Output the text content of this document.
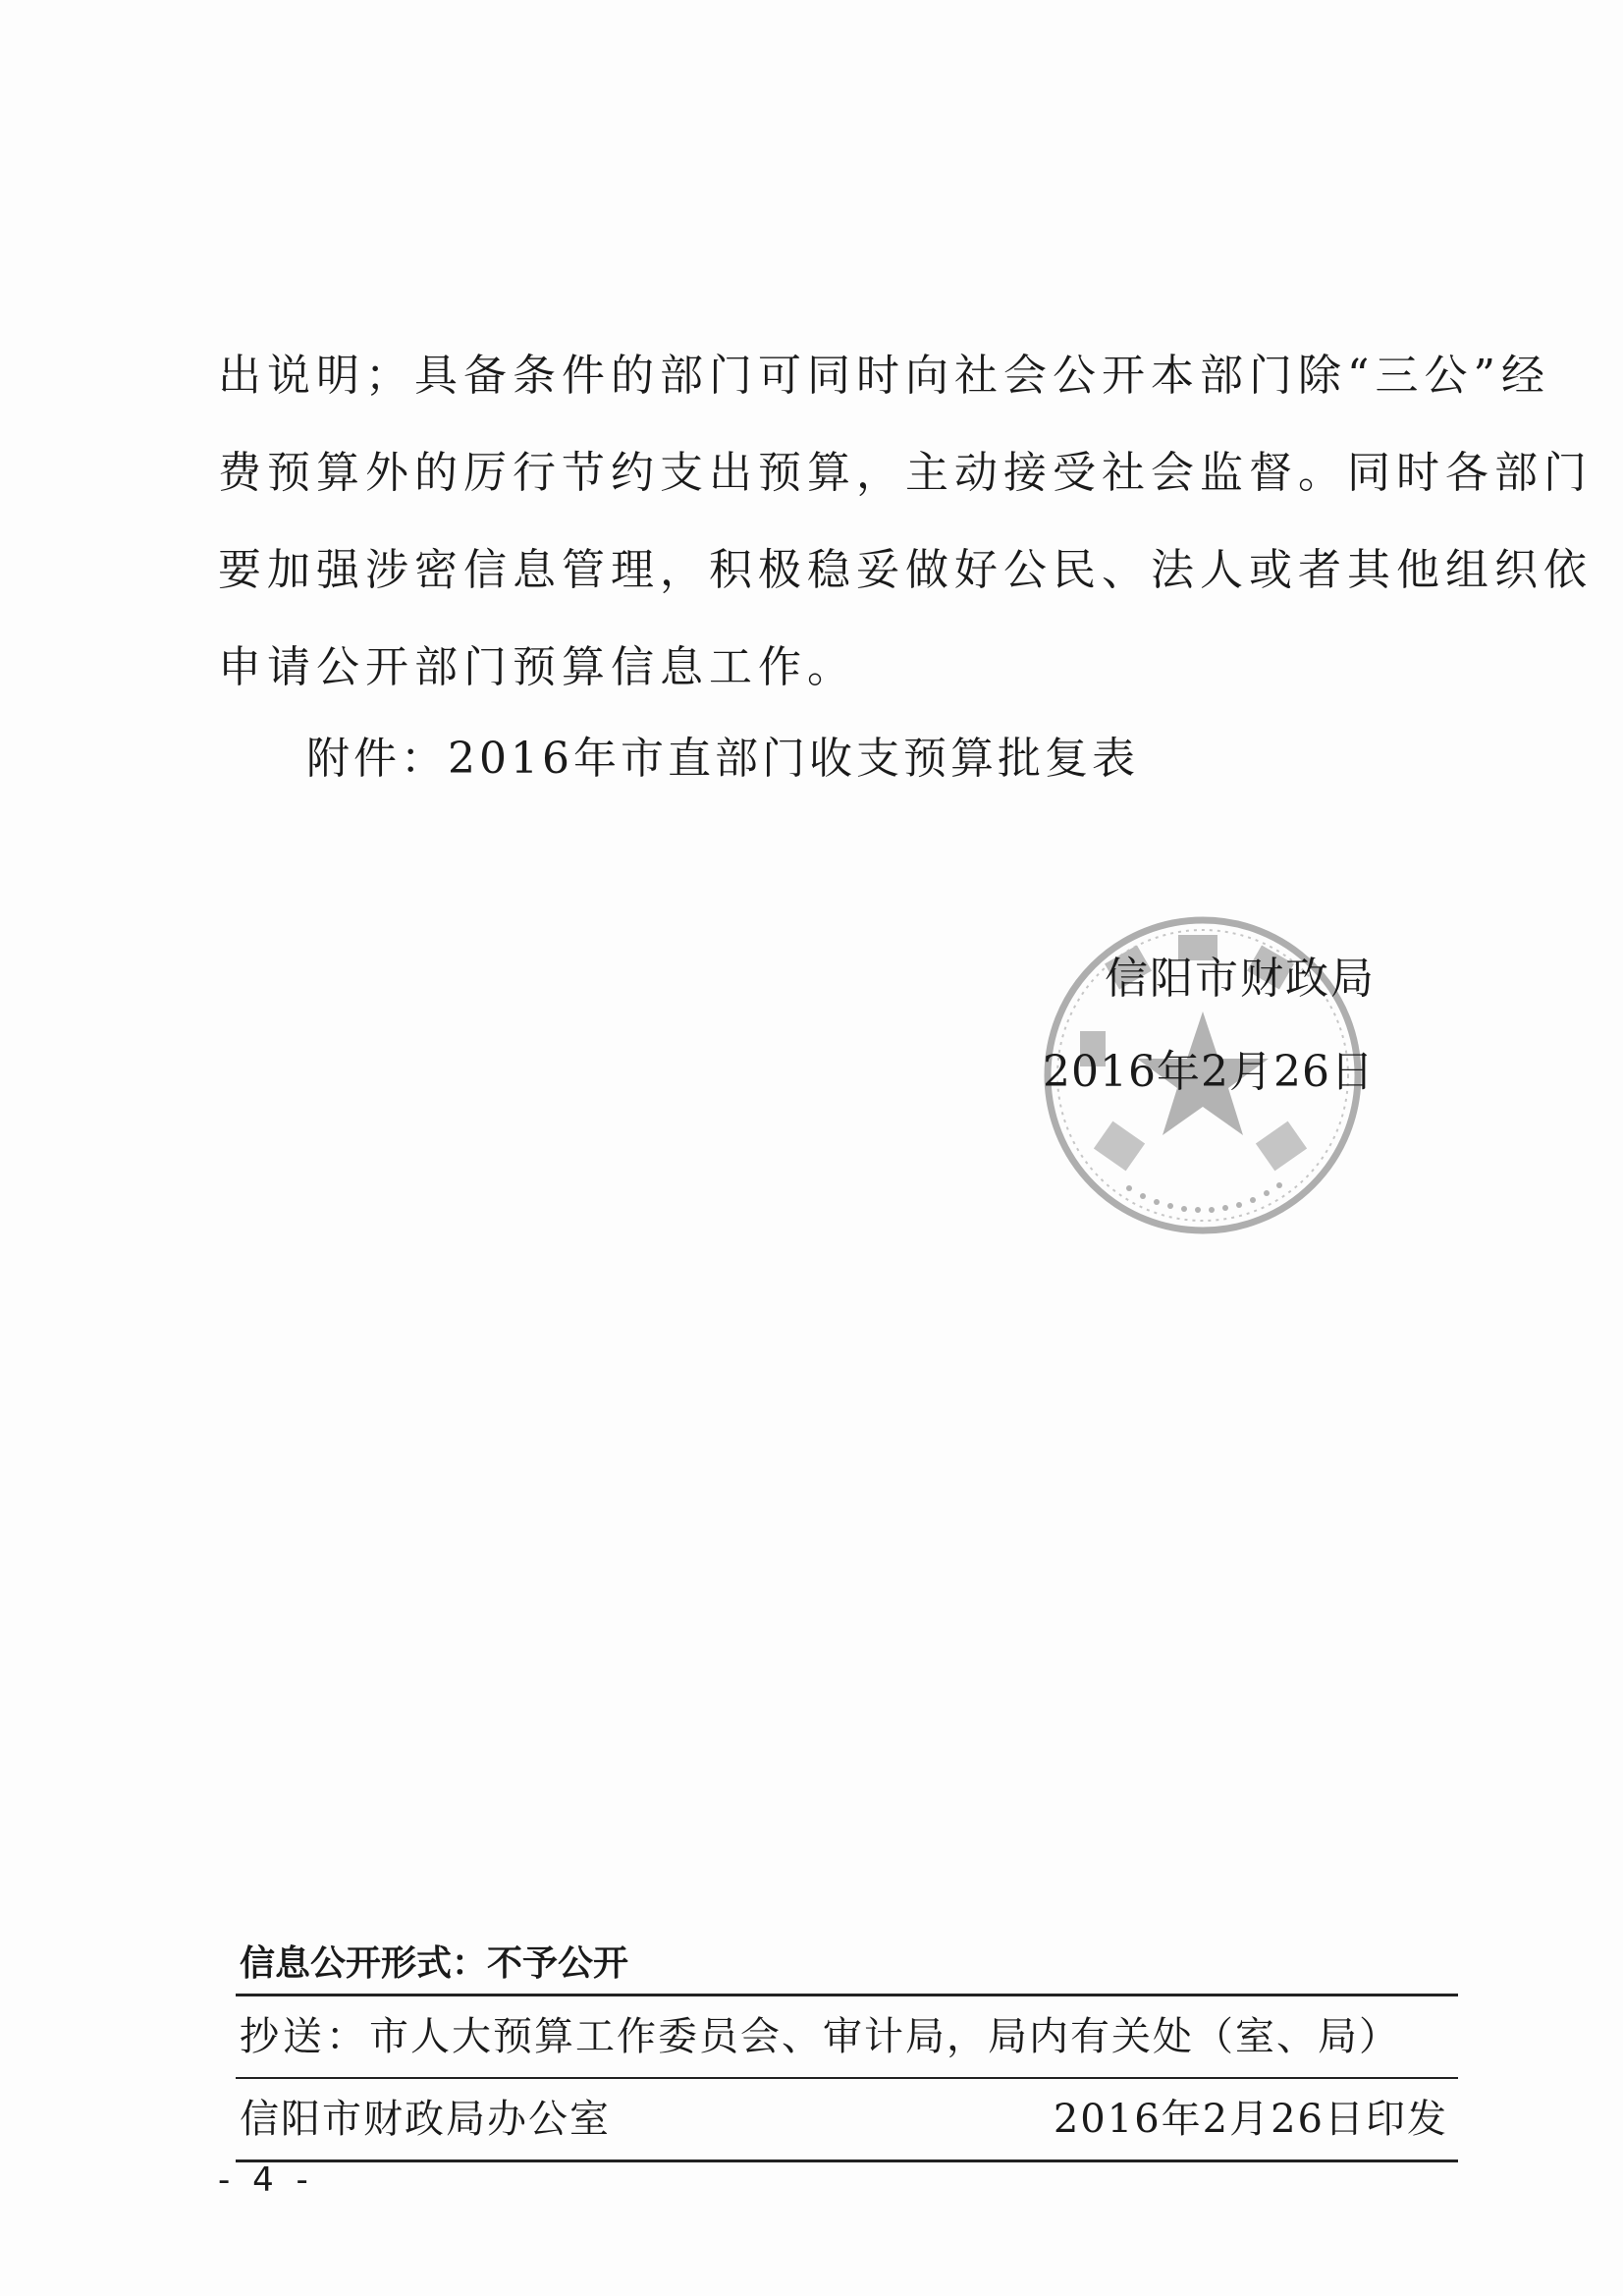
出说明；具备条件的部门可同时向社会公开本部门除“三公”经
费预算外的厉行节约支出预算，主动接受社会监督。同时各部门
要加强涉密信息管理，积极稳妥做好公民、法人或者其他组织依
申请公开部门预算信息工作。
附件：2016年市直部门收支预算批复表
信阳市财政局
2016年2月26日
信息公开形式：不予公开
抄送：市人大预算工作委员会、审计局，局内有关处（室、局）
信阳市财政局办公室	2016年2月26日印发
- 4 -
